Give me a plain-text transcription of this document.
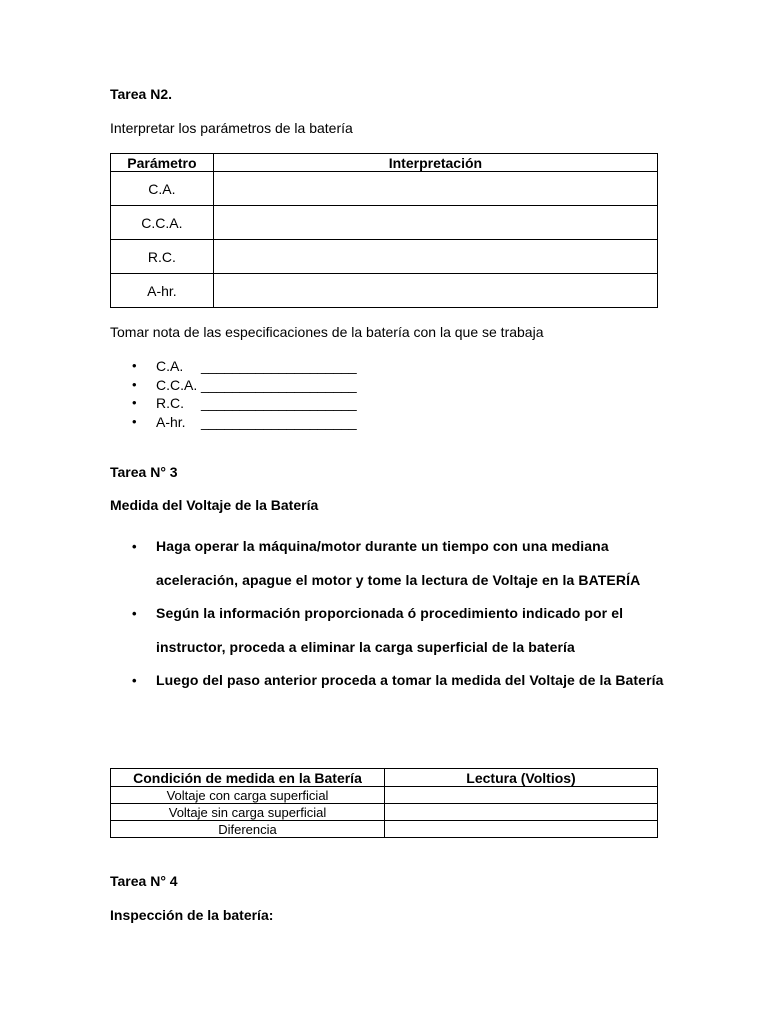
Tarea N2.
Interpretar los parámetros de la batería
Parámetro	Interpretación
C.A.	
C.C.A.	
R.C.	
A-hr.	
Tomar nota de las especificaciones de la batería con la que se trabaja
• C.A. ____________________
• C.C.A. ____________________
• R.C. ____________________
• A-hr. ____________________
Tarea N° 3
Medida del Voltaje de la Batería
• Haga operar la máquina/motor durante un tiempo con una mediana aceleración, apague el motor y tome la lectura de Voltaje en la BATERÍA
• Según la información proporcionada ó procedimiento indicado por el instructor, proceda a eliminar la carga superficial de la batería
• Luego del paso anterior proceda a tomar la medida del Voltaje de la Batería
Condición de medida en la Batería	Lectura (Voltios)
Voltaje con carga superficial	
Voltaje sin carga superficial	
Diferencia	
Tarea N° 4
Inspección de la batería:
